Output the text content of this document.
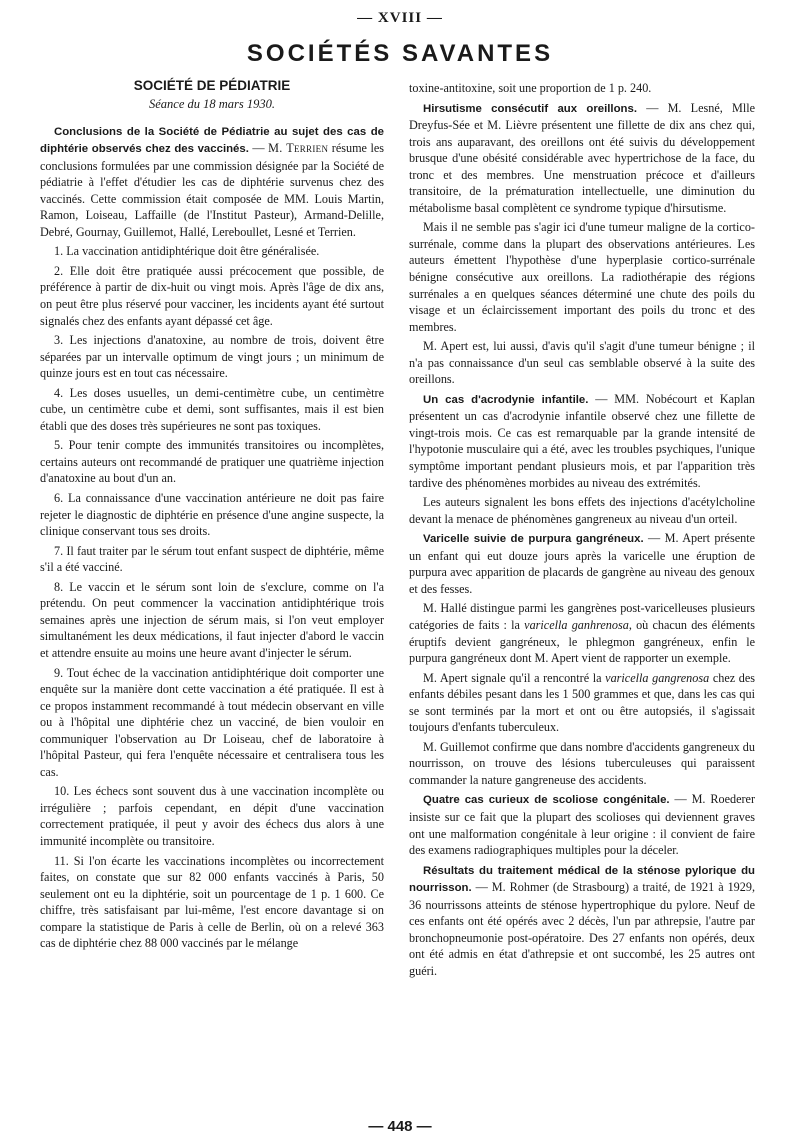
— XVIII —
SOCIÉTÉS SAVANTES
SOCIÉTÉ DE PÉDIATRIE
Séance du 18 mars 1930.

Conclusions de la Société de Pédiatrie au sujet des cas de diphtérie observés chez des vaccinés. — M. Terrien résume les conclusions formulées par une commission désignée par la Société de pédiatrie à l'effet d'étudier les cas de diphtérie survenus chez des vaccinés. Cette commission était composée de MM. Louis Martin, Ramon, Loiseau, Laffaille (de l'Institut Pasteur), Armand-Delille, Debré, Gournay, Guillemot, Hallé, Lereboullet, Lesné et Terrien.

1. La vaccination antidiphtérique doit être généralisée.

2. Elle doit être pratiquée aussi précocement que possible, de préférence à partir de dix-huit ou vingt mois. Après l'âge de dix ans, on peut être plus réservé pour vacciner, les incidents ayant été surtout signalés chez des enfants ayant dépassé cet âge.

3. Les injections d'anatoxine, au nombre de trois, doivent être séparées par un intervalle optimum de vingt jours ; un minimum de quinze jours est en tout cas nécessaire.

4. Les doses usuelles, un demi-centimètre cube, un centimètre cube, un centimètre cube et demi, sont suffisantes, mais il est bien établi que des doses très supérieures ne sont pas toxiques.

5. Pour tenir compte des immunités transitoires ou incomplètes, certains auteurs ont recommandé de pratiquer une quatrième injection d'anatoxine au bout d'un an.

6. La connaissance d'une vaccination antérieure ne doit pas faire rejeter le diagnostic de diphtérie en présence d'une angine suspecte, la clinique conservant tous ses droits.

7. Il faut traiter par le sérum tout enfant suspect de diphtérie, même s'il a été vacciné.

8. Le vaccin et le sérum sont loin de s'exclure, comme on l'a prétendu. On peut commencer la vaccination antidiphtérique trois semaines après une injection de sérum mais, si l'on veut employer simultanément les deux médications, il faut injecter d'abord le vaccin et attendre ensuite au moins une heure avant d'injecter le sérum.

9. Tout échec de la vaccination antidiphtérique doit comporter une enquête sur la manière dont cette vaccination a été pratiquée. Il est à ce propos instamment recommandé à tout médecin observant en ville ou à l'hôpital une diphtérie chez un vacciné, de bien vouloir en communiquer l'observation au Dr Loiseau, chef de laboratoire à l'hôpital Pasteur, qui fera l'enquête nécessaire et centralisera tous les cas.

10. Les échecs sont souvent dus à une vaccination incomplète ou irrégulière ; parfois cependant, en dépit d'une vaccination correctement pratiquée, il peut y avoir des échecs dus alors à une immunité incomplète ou transitoire.

11. Si l'on écarte les vaccinations incomplètes ou incorrectement faites, on constate que sur 82 000 enfants vaccinés à Paris, 50 seulement ont eu la diphtérie, soit un pourcentage de 1 p. 1 600. Ce chiffre, très satisfaisant par lui-même, l'est encore davantage si on compare la statistique de Paris à celle de Berlin, où on a relevé 363 cas de diphtérie chez 88 000 vaccinés par le mélange

toxine-antitoxine, soit une proportion de 1 p. 240.

Hirsutisme consécutif aux oreillons. — M. Lesné, Mlle Dreyfus-Sée et M. Lièvre présentent une fillette de dix ans chez qui, trois ans auparavant, des oreillons ont été suivis du développement brusque d'une obésité considérable avec hypertrichose de la face, du tronc et des membres. Une menstruation précoce et d'ailleurs transitoire, de la prématuration intellectuelle, une diminution du métabolisme basal complètent ce syndrome typique d'hirsutisme.

Mais il ne semble pas s'agir ici d'une tumeur maligne de la cortico-surrénale, comme dans la plupart des observations antérieures. Les auteurs émettent l'hypothèse d'une hyperplasie cortico-surrénale bénigne consécutive aux oreillons. La radiothérapie des régions surrénales a en quelques séances déterminé une chute des poils du visage et un éclaircissement important des poils du tronc et des membres.

M. Apert est, lui aussi, d'avis qu'il s'agit d'une tumeur bénigne ; il n'a pas connaissance d'un seul cas semblable observé à la suite des oreillons.

Un cas d'acrodynie infantile. — MM. Nobécourt et Kaplan présentent un cas d'acrodynie infantile observé chez une fillette de vingt-trois mois. Ce cas est remarquable par la grande intensité de l'hypotonie musculaire qui a été, avec les troubles psychiques, l'unique symptôme important pendant plusieurs mois, et par l'apparition très tardive des phénomènes morbides au niveau des extrémités.

Les auteurs signalent les bons effets des injections d'acétylcholine devant la menace de phénomènes gangreneux au niveau d'un orteil.

Varicelle suivie de purpura gangréneux. — M. Apert présente un enfant qui eut douze jours après la varicelle une éruption de purpura avec apparition de placards de gangrène au niveau des genoux et des fesses.

M. Hallé distingue parmi les gangrènes post-varicelleuses plusieurs catégories de faits : la varicella ganhrenosa, où chacun des éléments éruptifs devient gangréneux, le phlegmon gangréneux, enfin le purpura gangréneux dont M. Apert vient de rapporter un exemple.

M. Apert signale qu'il a rencontré la varicella gangrenosa chez des enfants débiles pesant dans les 1 500 grammes et que, dans les cas qui se sont terminés par la mort et ont ou être autopsiés, il s'agissait toujours d'enfants tuberculeux.

M. Guillemot confirme que dans nombre d'accidents gangreneux du nourrisson, on trouve des lésions tuberculeuses qui paraissent commander la nature gangreneuse des accidents.

Quatre cas curieux de scoliose congénitale. — M. Roederer insiste sur ce fait que la plupart des scolioses qui deviennent graves ont une malformation congénitale à leur origine : il convient de faire des examens radiographiques multiples pour la déceler.

Résultats du traitement médical de la sténose pylorique du nourrisson. — M. Rohmer (de Strasbourg) a traité, de 1921 à 1929, 36 nourrissons atteints de sténose hypertrophique du pylore. Neuf de ces enfants ont été opérés avec 2 décès, l'un par athrepsie, l'autre par bronchopneumonie post-opératoire. Des 27 enfants non opérés, deux ont été admis en état d'athrepsie et ont succombé, les 25 autres ont guéri.

— 448 —
